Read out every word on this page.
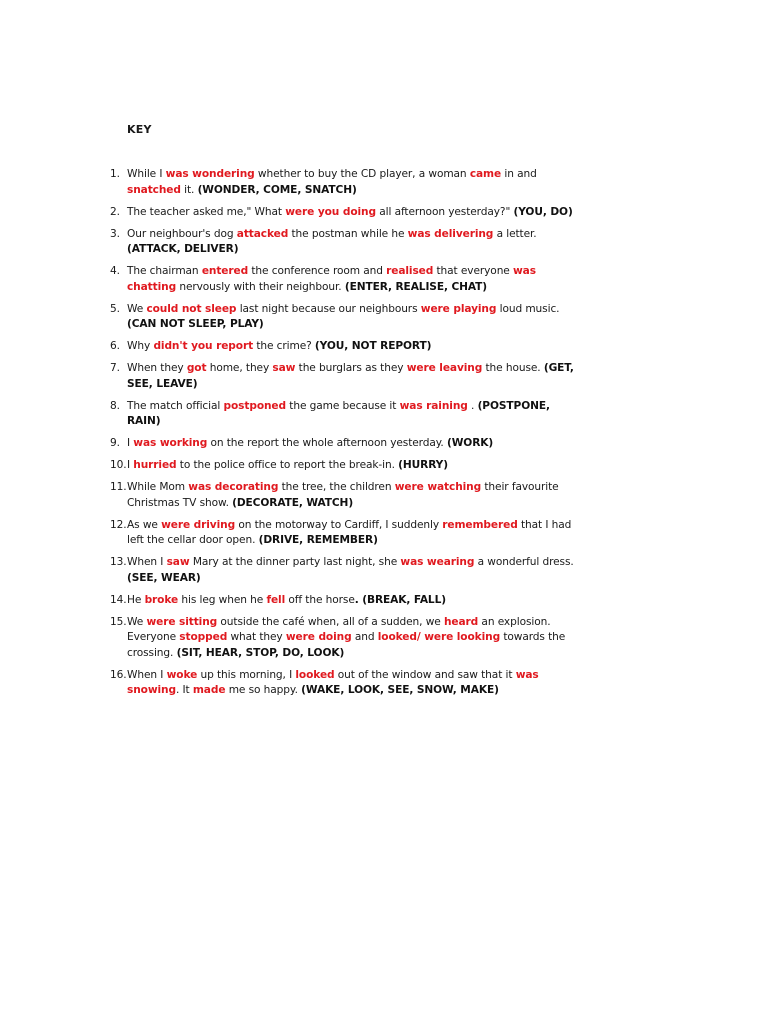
KEY
1. While I was wondering whether to buy the CD player, a woman came in and snatched it. (WONDER, COME, SNATCH)
2. The teacher asked me," What were you doing all afternoon yesterday?" (YOU, DO)
3. Our neighbour's dog attacked the postman while he was delivering a letter. (ATTACK, DELIVER)
4. The chairman entered the conference room and realised that everyone was chatting nervously with their neighbour. (ENTER, REALISE, CHAT)
5. We could not sleep last night because our neighbours were playing loud music. (CAN NOT SLEEP, PLAY)
6. Why didn't you report the crime? (YOU, NOT REPORT)
7. When they got home, they saw the burglars as they were leaving the house. (GET, SEE, LEAVE)
8. The match official postponed the game because it was raining . (POSTPONE, RAIN)
9. I was working on the report the whole afternoon yesterday. (WORK)
10. I hurried to the police office to report the break-in. (HURRY)
11. While Mom was decorating the tree, the children were watching their favourite Christmas TV show. (DECORATE, WATCH)
12. As we were driving on the motorway to Cardiff, I suddenly remembered that I had left the cellar door open. (DRIVE, REMEMBER)
13. When I saw Mary at the dinner party last night, she was wearing a wonderful dress. (SEE, WEAR)
14. He broke his leg when he fell off the horse. (BREAK, FALL)
15. We were sitting outside the café when, all of a sudden, we heard an explosion. Everyone stopped what they were doing and looked/ were looking towards the crossing. (SIT, HEAR, STOP, DO, LOOK)
16. When I woke up this morning, I looked out of the window and saw that it was snowing. It made me so happy. (WAKE, LOOK, SEE, SNOW, MAKE)
